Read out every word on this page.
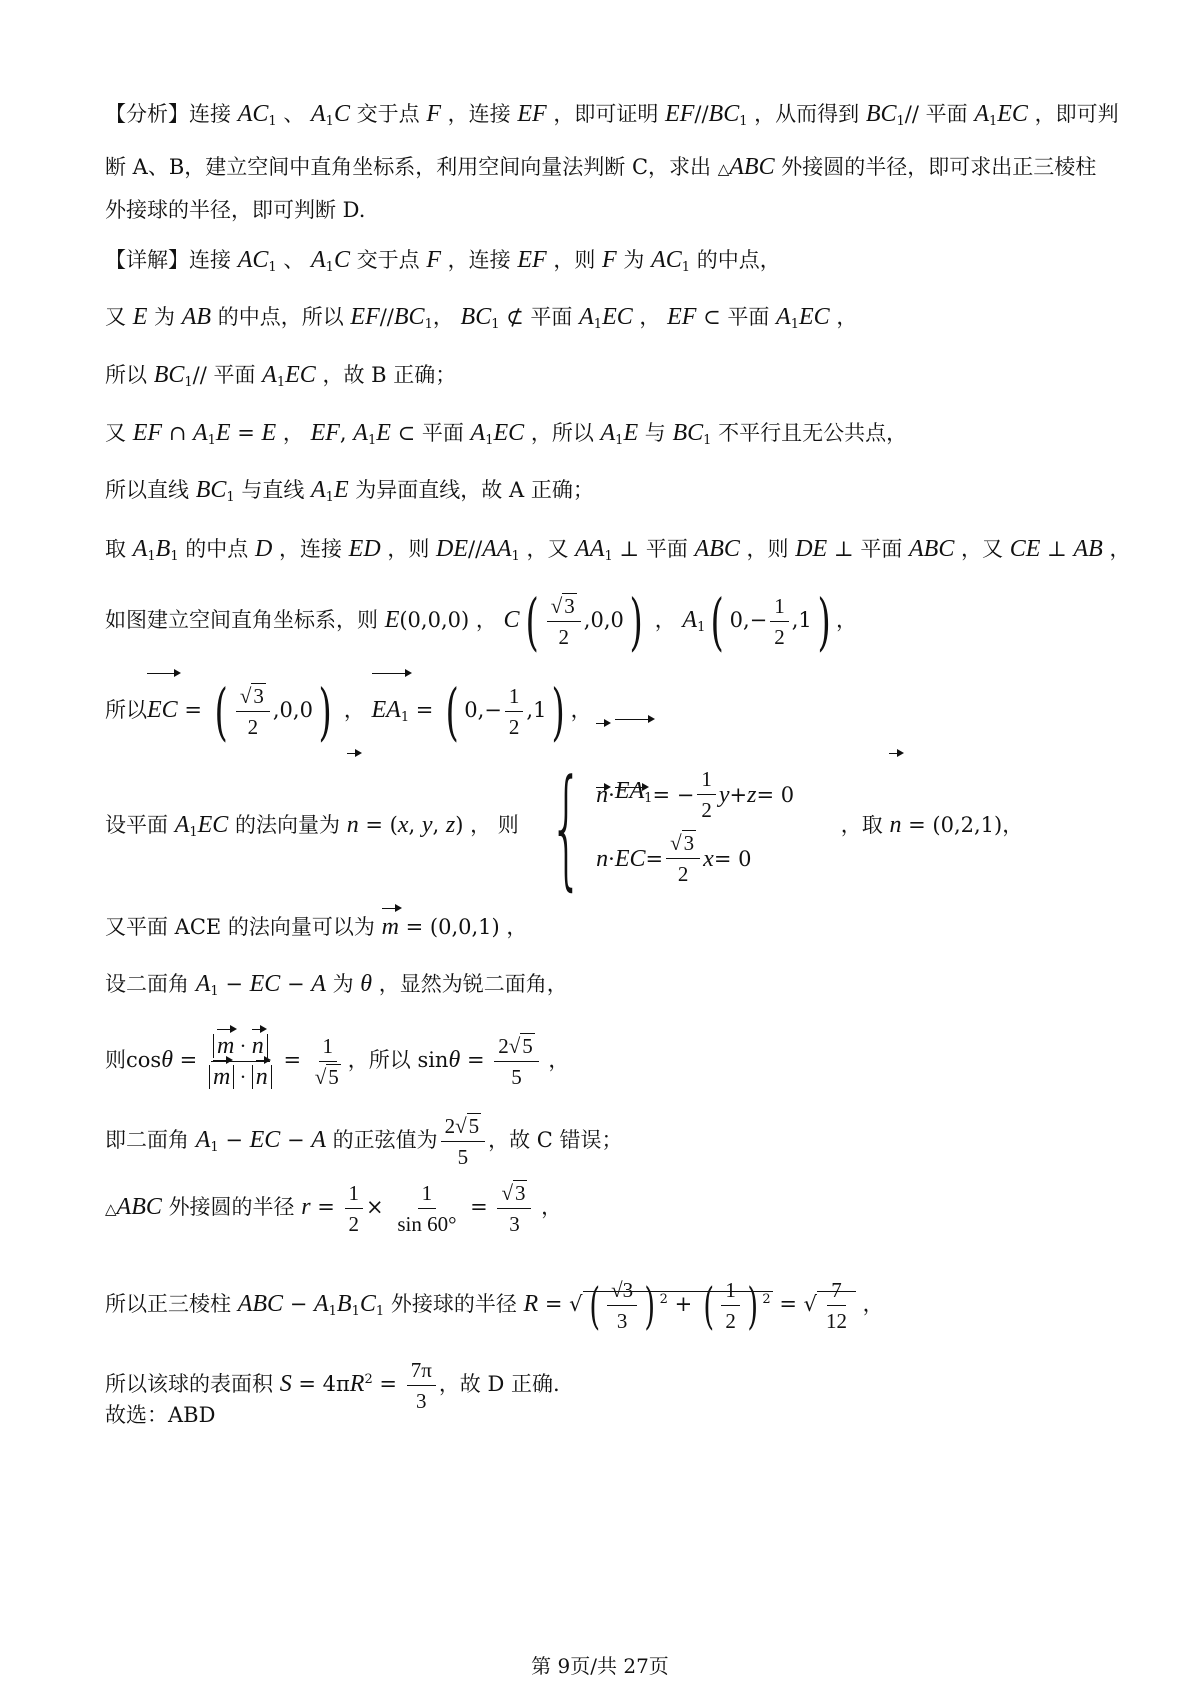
【分析】连接 $AC_1$ 、 $A_1C$ 交于点 F ，连接 EF ，即可证明 $EF//BC_1$ ，从而得到 $BC_1//$ 平面 $A_1EC$ ，即可判
断 A、B，建立空间中直角坐标系，利用空间向量法判断 C，求出 △ABC 外接圆的半径，即可求出正三棱柱
外接球的半径，即可判断 D.
【详解】连接 $AC_1$ 、 $A_1C$ 交于点 F ，连接 EF ，则 F 为 $AC_1$ 的中点，
又 E 为 AB 的中点，所以 $EF//BC_1$， $BC_1$ ⊄ 平面 $A_1EC$ ， EF ⊂ 平面 $A_1EC$ ，
所以 $BC_1//$ 平面 $A_1EC$ ，故 B 正确；
又 EF ∩ $A_1E = E$ ， EF, $A_1E$ ⊂ 平面 $A_1EC$ ，所以 $A_1E$ 与 $BC_1$ 不平行且无公共点，
所以直线 $BC_1$ 与直线 $A_1E$ 为异面直线，故 A 正确；
取 $A_1B_1$ 的中点 D ，连接 ED ，则 $DE//AA_1$ ，又 $AA_1$ ⊥ 平面 ABC ，则 DE ⊥ 平面 ABC ，又 CE ⊥ AB ，
如图建立空间直角坐标系，则 E(0,0,0) ， $C( \frac{√3}{2} ,0,0)$ ， $A_1$( $0,- \frac{1}{2} ,1$) ，
所以EC = ( $\frac{√3}{2} ,0,0$) ， $EA_1$ = ( $0,- \frac{1}{2} ,1$) ，
设平面 $A_1EC$ 的法向量为 n = (x, y, z) ， 则 { $n \cdot EA_1$ = − $\frac{1}{2}$ y + z = 0
n · EC = $\frac{√3}{2}$ x = 0
，取 n = (0,2,1)，
又平面 ACE 的法向量可以为 m = (0,0,1) ，
设二面角 $A_1$ − EC − A 为 θ ，显然为锐二面角，
则$\cos\theta = \frac{m \cdot n}{m \cdot n} = \frac{1}{√5}$ ，所以 $\sin\theta = \frac{2√5}{5}$ ，
即二面角 $A_1$ − EC − A 的正弦值为 $\frac{2√5}{5}$ ，故 C 错误；
△ABC 外接圆的半径 $r = \frac{1}{2} \times \frac{1}{\sin 60^\circ} = \frac{√3}{3}$ ，
所以正三棱柱 ABC − $A_1B_1C_1$ 外接球的半径 R = √ ( $\frac{√3}{3}$ ) $^2$ + ( $\frac{1}{2}$ ) $^2$ = √ $\frac{7}{12}$ ，
所以该球的表面积 $S = 4\pi R^2 = \frac{7\pi}{3}$ ，故 D 正确.
故选：ABD
第 9页/共 27页
